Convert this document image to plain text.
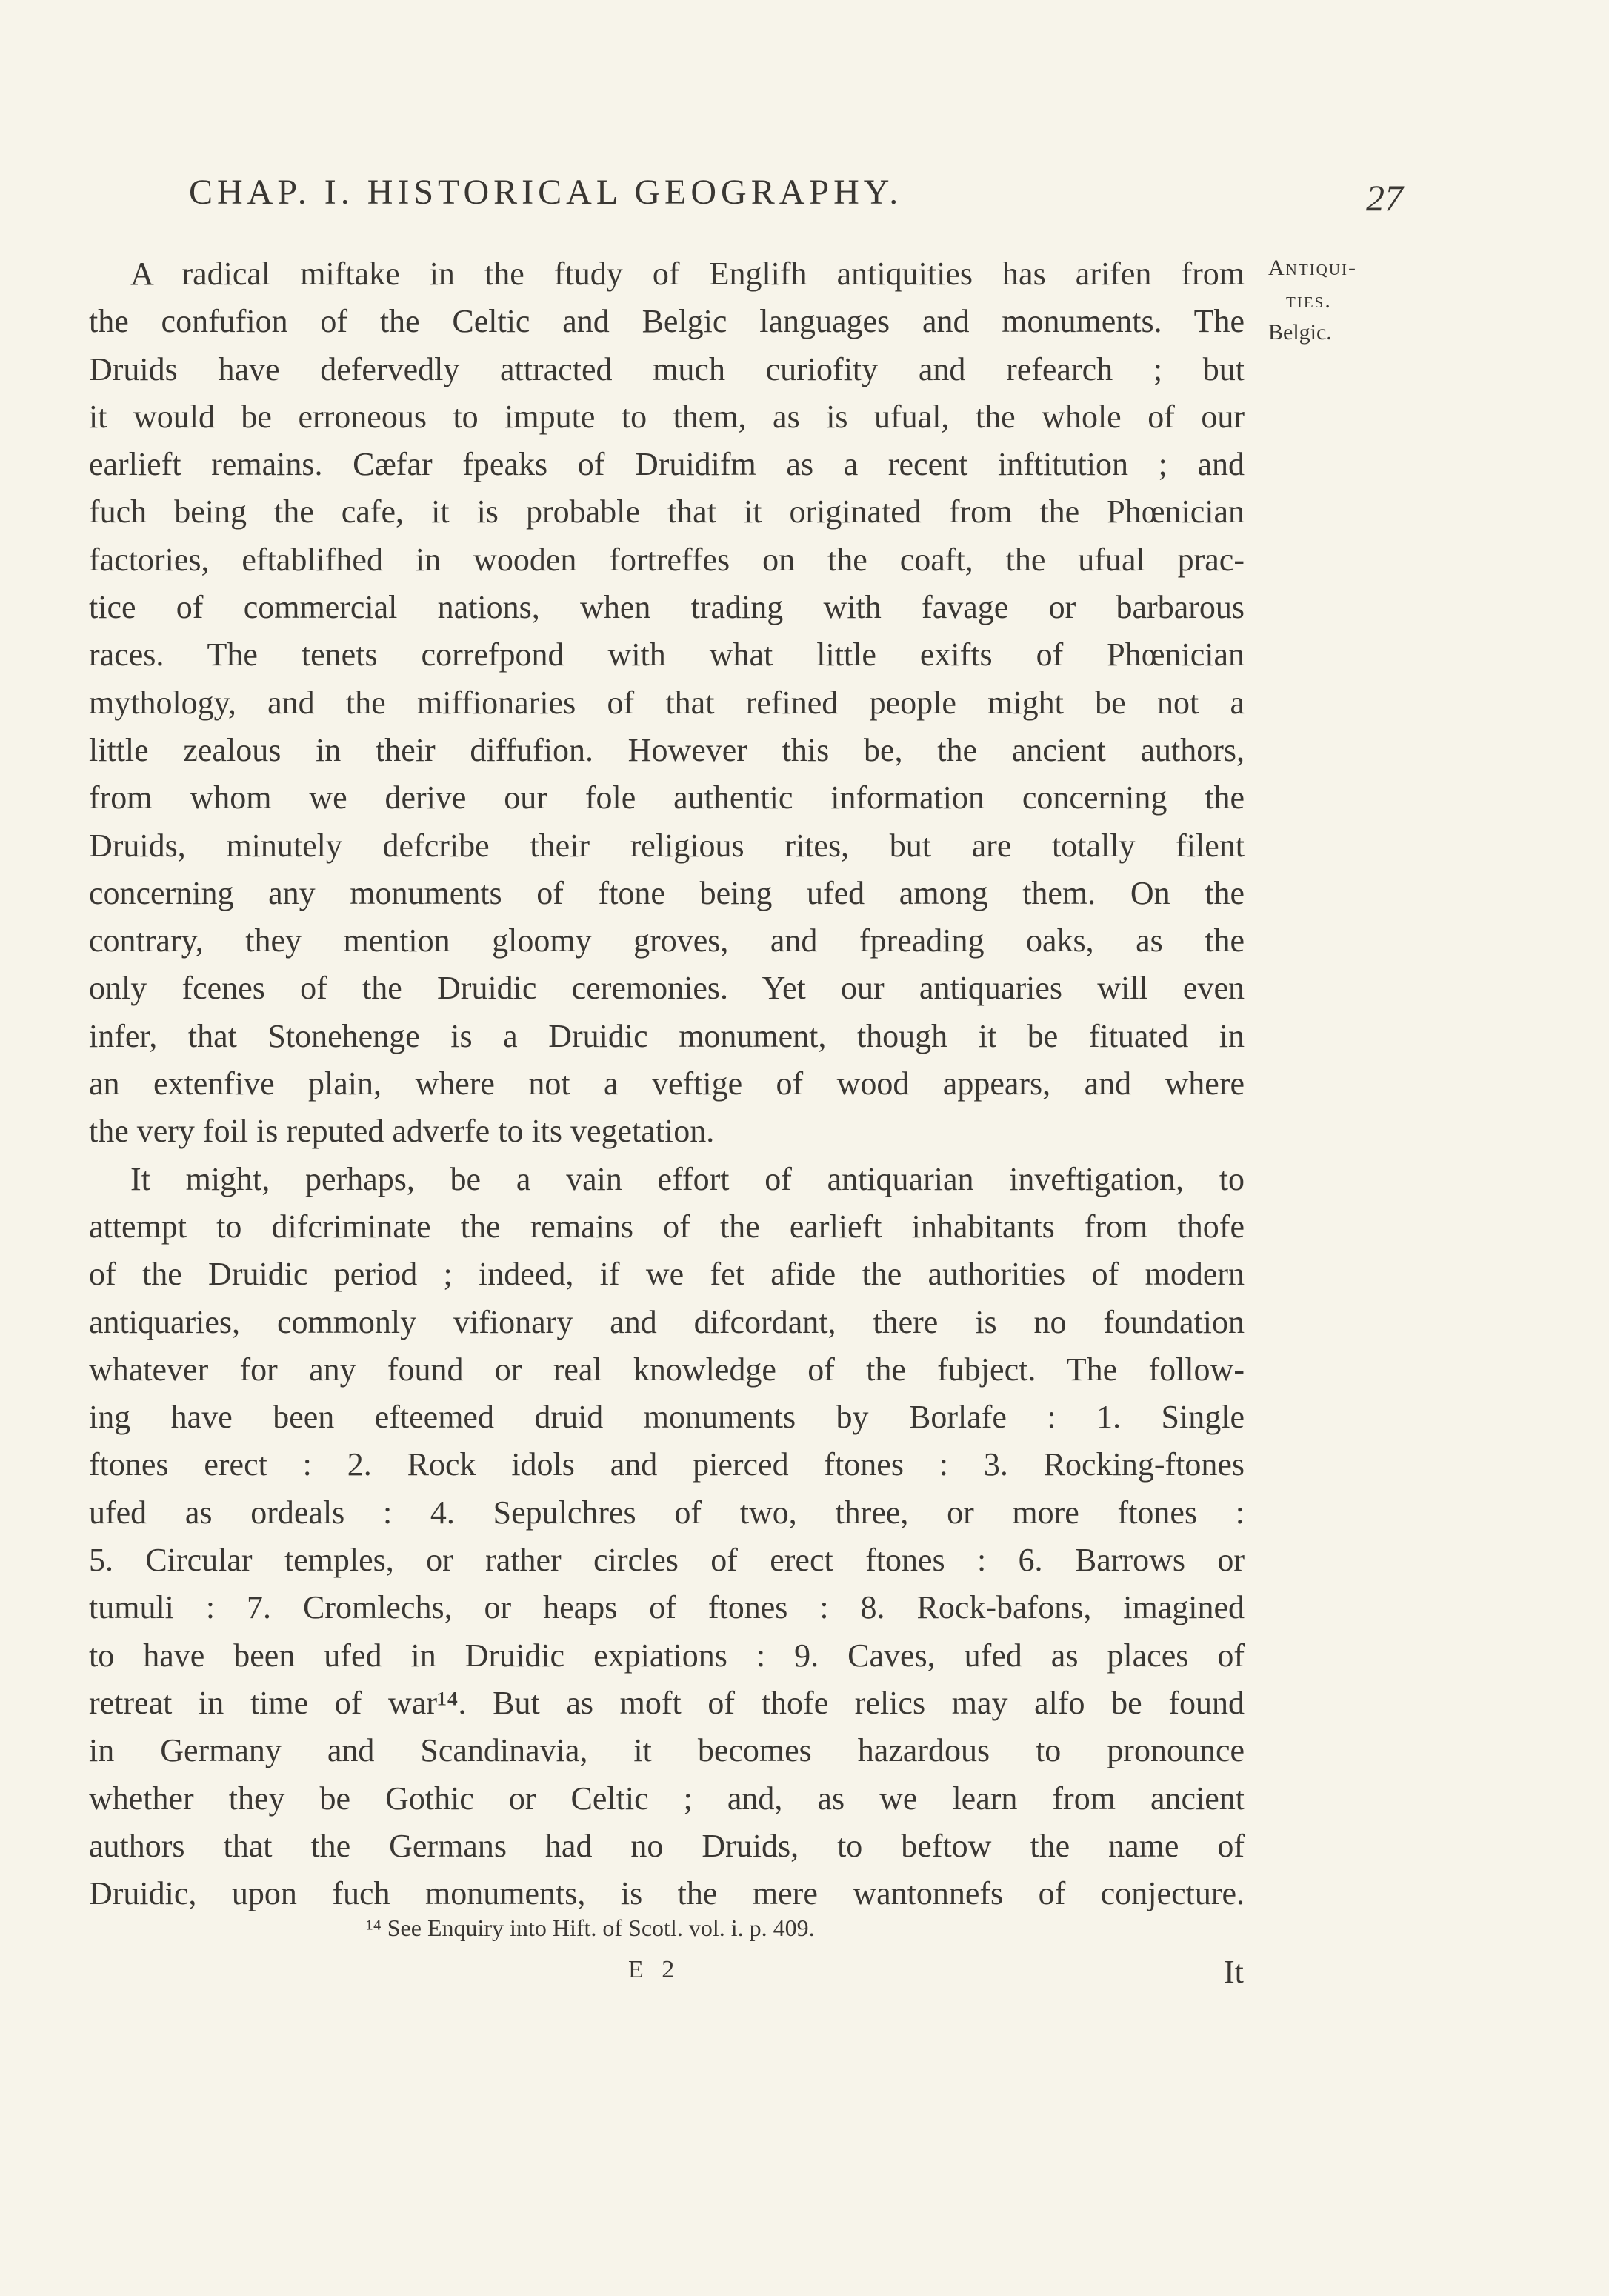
CHAP. I. HISTORICAL GEOGRAPHY.	27
Antiqui-
ties.
Belgic.
A radical miftake in the ftudy of Englifh antiquities has arifen from
the confufion of the Celtic and Belgic languages and monuments. The
Druids have defervedly attracted much curiofity and refearch ; but
it would be erroneous to impute to them, as is ufual, the whole of our
earlieft remains. Cæfar fpeaks of Druidifm as a recent inftitution ; and
fuch being the cafe, it is probable that it originated from the Phœnician
factories, eftablifhed in wooden fortreffes on the coaft, the ufual prac-
tice of commercial nations, when trading with favage or barbarous
races. The tenets correfpond with what little exifts of Phœnician
mythology, and the miffionaries of that refined people might be not a
little zealous in their diffufion. However this be, the ancient authors,
from whom we derive our fole authentic information concerning the
Druids, minutely defcribe their religious rites, but are totally filent
concerning any monuments of ftone being ufed among them. On the
contrary, they mention gloomy groves, and fpreading oaks, as the
only fcenes of the Druidic ceremonies. Yet our antiquaries will even
infer, that Stonehenge is a Druidic monument, though it be fituated in
an extenfive plain, where not a veftige of wood appears, and where
the very foil is reputed adverfe to its vegetation.
It might, perhaps, be a vain effort of antiquarian inveftigation, to
attempt to difcriminate the remains of the earlieft inhabitants from thofe
of the Druidic period ; indeed, if we fet afide the authorities of modern
antiquaries, commonly vifionary and difcordant, there is no foundation
whatever for any found or real knowledge of the fubject. The follow-
ing have been efteemed druid monuments by Borlafe : 1. Single
ftones erect : 2. Rock idols and pierced ftones : 3. Rocking-ftones
ufed as ordeals : 4. Sepulchres of two, three, or more ftones :
5. Circular temples, or rather circles of erect ftones : 6. Barrows or
tumuli : 7. Cromlechs, or heaps of ftones : 8. Rock-bafons, imagined
to have been ufed in Druidic expiations : 9. Caves, ufed as places of
retreat in time of war¹⁴. But as moft of thofe relics may alfo be found
in Germany and Scandinavia, it becomes hazardous to pronounce
whether they be Gothic or Celtic ; and, as we learn from ancient
authors that the Germans had no Druids, to beftow the name of
Druidic, upon fuch monuments, is the mere wantonnefs of conjecture.
¹⁴ See Enquiry into Hift. of Scotl. vol. i. p. 409.
E 2	It
